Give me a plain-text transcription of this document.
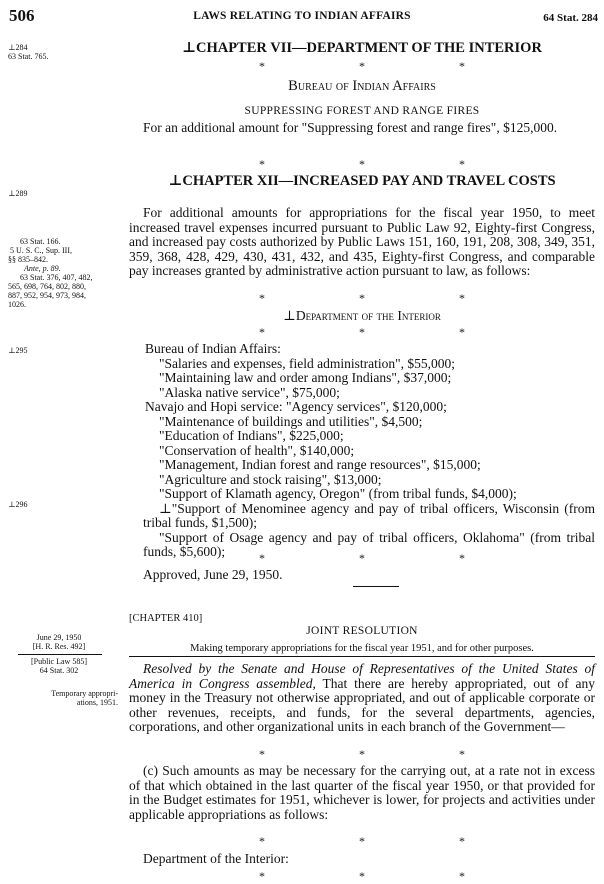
506	LAWS RELATING TO INDIAN AFFAIRS	64 Stat. 284
⊥284
63 Stat. 765.
⊥289
63 Stat. 166.
5 U. S. C., Sup. III,
§§ 835–842.
Ante, p. 89.
63 Stat. 376, 407, 482,
565, 698, 764, 802, 880,
887, 952, 954, 973, 984,
1026.
⊥295
⊥296
June 29, 1950
[H. R. Res. 492]
[Public Law 585]
64 Stat. 302
Temporary appropri-
ations, 1951.
⊥CHAPTER VII—DEPARTMENT OF THE INTERIOR
*	*	*
Bureau of Indian Affairs
SUPPRESSING FOREST AND RANGE FIRES
For an additional amount for "Suppressing forest and range fires", $125,000.
*	*	*
⊥CHAPTER XII—INCREASED PAY AND TRAVEL COSTS
For additional amounts for appropriations for the fiscal year 1950, to meet increased travel expenses incurred pursuant to Public Law 92, Eighty-first Congress, and increased pay costs authorized by Public Laws 151, 160, 191, 208, 308, 349, 351, 359, 368, 428, 429, 430, 431, 432, and 435, Eighty-first Congress, and comparable pay increases granted by administrative action pursuant to law, as follows:
*	*	*
⊥Department of the Interior
*	*	*
Bureau of Indian Affairs:
"Salaries and expenses, field administration", $55,000;
"Maintaining law and order among Indians", $37,000;
"Alaska native service", $75,000;
Navajo and Hopi service: "Agency services", $120,000;
"Maintenance of buildings and utilities", $4,500;
"Education of Indians", $225,000;
"Conservation of health", $140,000;
"Management, Indian forest and range resources", $15,000;
"Agriculture and stock raising", $13,000;
"Support of Klamath agency, Oregon" (from tribal funds, $4,000);
⊥"Support of Menominee agency and pay of tribal officers, Wisconsin (from tribal funds, $1,500);
"Support of Osage agency and pay of tribal officers, Oklahoma" (from tribal funds, $5,600);	*	*	*
Approved, June 29, 1950.
[CHAPTER 410]
JOINT RESOLUTION
Making temporary appropriations for the fiscal year 1951, and for other purposes.
Resolved by the Senate and House of Representatives of the United States of America in Congress assembled, That there are hereby appropriated, out of any money in the Treasury not otherwise appropriated, and out of applicable corporate or other revenues, receipts, and funds, for the several departments, agencies, corporations, and other organizational units in each branch of the Government—
*	*	*
(c) Such amounts as may be necessary for the carrying out, at a rate not in excess of that which obtained in the last quarter of the fiscal year 1950, or that provided for in the Budget estimates for 1951, whichever is lower, for projects and activities under applicable appropriations as follows:
*	*	*
Department of the Interior:
*	*	*
